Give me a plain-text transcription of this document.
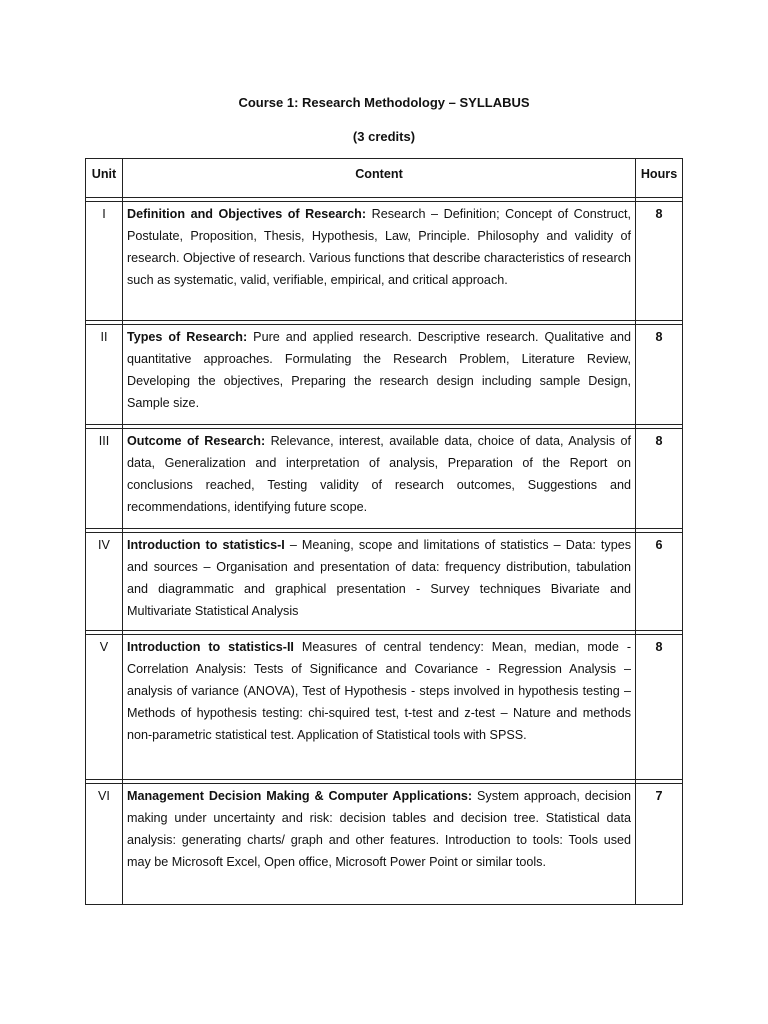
Course 1: Research Methodology – SYLLABUS
(3 credits)
Unit	Content	Hours

I	Definition and Objectives of Research: Research – Definition; Concept of Construct, Postulate, Proposition, Thesis, Hypothesis, Law, Principle. Philosophy and validity of research. Objective of research. Various functions that describe characteristics of research such as systematic, valid, verifiable, empirical, and critical approach.	8

II	Types of Research: Pure and applied research. Descriptive research. Qualitative and quantitative approaches. Formulating the Research Problem, Literature Review, Developing the objectives, Preparing the research design including sample Design, Sample size.	8

III	Outcome of Research: Relevance, interest, available data, choice of data, Analysis of data, Generalization and interpretation of analysis, Preparation of the Report on conclusions reached, Testing validity of research outcomes, Suggestions and recommendations, identifying future scope.	8

IV	Introduction to statistics-I – Meaning, scope and limitations of statistics – Data: types and sources – Organisation and presentation of data: frequency distribution, tabulation and diagrammatic and graphical presentation - Survey techniques Bivariate and Multivariate Statistical Analysis	6

V	Introduction to statistics-II Measures of central tendency: Mean, median, mode - Correlation Analysis: Tests of Significance and Covariance - Regression Analysis – analysis of variance (ANOVA), Test of Hypothesis - steps involved in hypothesis testing – Methods of hypothesis testing: chi-squired test, t-test and z-test – Nature and methods non-parametric statistical test. Application of Statistical tools with SPSS.	8

VI	Management Decision Making & Computer Applications: System approach, decision making under uncertainty and risk: decision tables and decision tree. Statistical data analysis: generating charts/ graph and other features. Introduction to tools: Tools used may be Microsoft Excel, Open office, Microsoft Power Point or similar tools.	7
